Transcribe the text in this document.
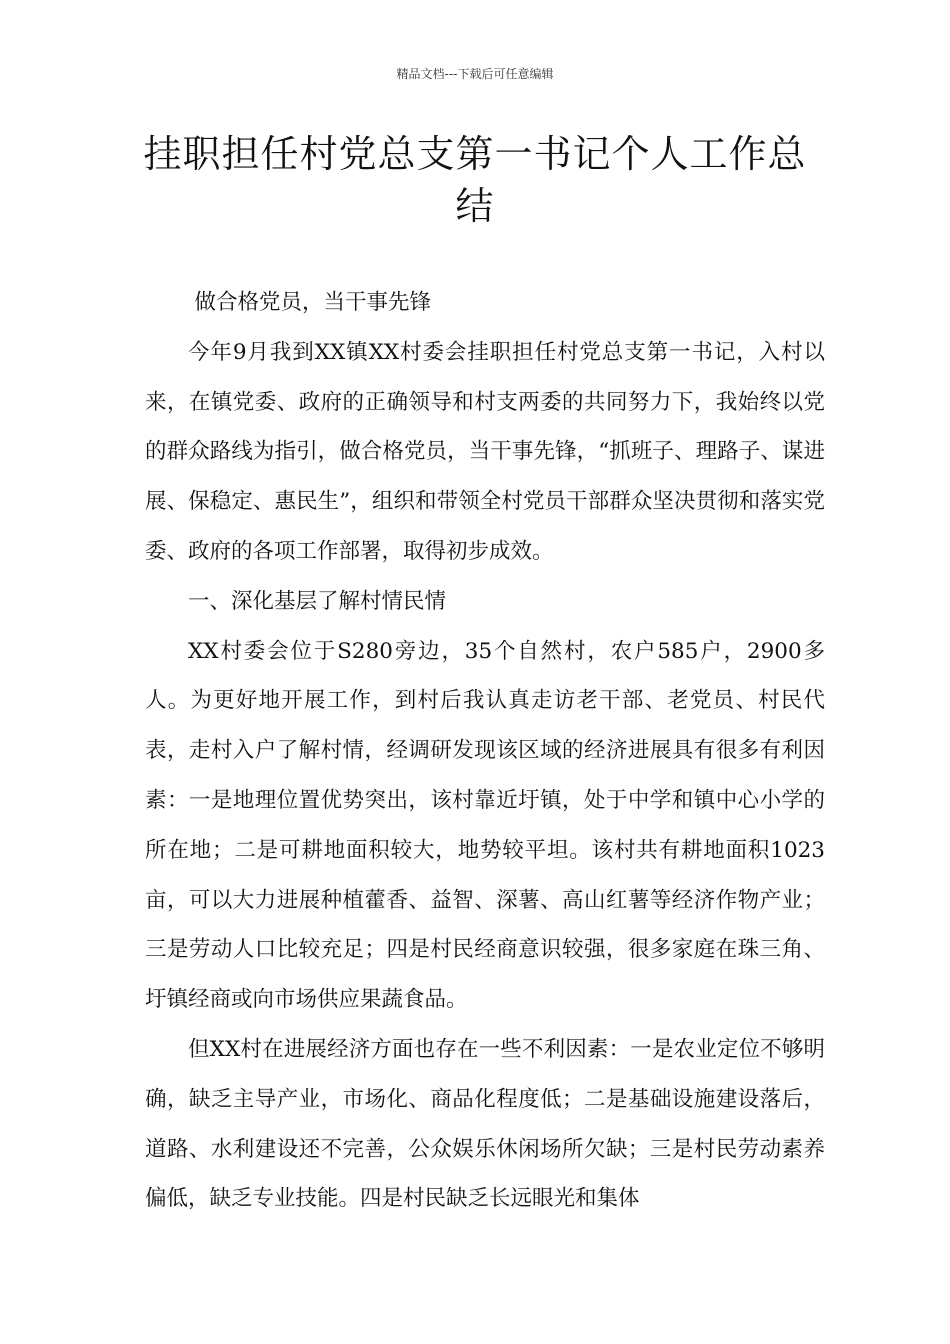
精品文档---下载后可任意编辑
挂职担任村党总支第一书记个人工作总结

做合格党员，当干事先锋

今年9月我到XX镇XX村委会挂职担任村党总支第一书记，入村以来，在镇党委、政府的正确领导和村支两委的共同努力下，我始终以党的群众路线为指引，做合格党员，当干事先锋，“抓班子、理路子、谋进展、保稳定、惠民生”，组织和带领全村党员干部群众坚决贯彻和落实党委、政府的各项工作部署，取得初步成效。

一、深化基层了解村情民情

XX村委会位于S280旁边，35个自然村，农户585户，2900多人。为更好地开展工作，到村后我认真走访老干部、老党员、村民代表，走村入户了解村情，经调研发现该区域的经济进展具有很多有利因素：一是地理位置优势突出，该村靠近圩镇，处于中学和镇中心小学的所在地；二是可耕地面积较大，地势较平坦。该村共有耕地面积1023亩，可以大力进展种植藿香、益智、深薯、高山红薯等经济作物产业；三是劳动人口比较充足；四是村民经商意识较强，很多家庭在珠三角、圩镇经商或向市场供应果蔬食品。

但XX村在进展经济方面也存在一些不利因素：一是农业定位不够明确，缺乏主导产业，市场化、商品化程度低；二是基础设施建设落后，道路、水利建设还不完善，公众娱乐休闲场所欠缺；三是村民劳动素养偏低，缺乏专业技能。四是村民缺乏长远眼光和集体
